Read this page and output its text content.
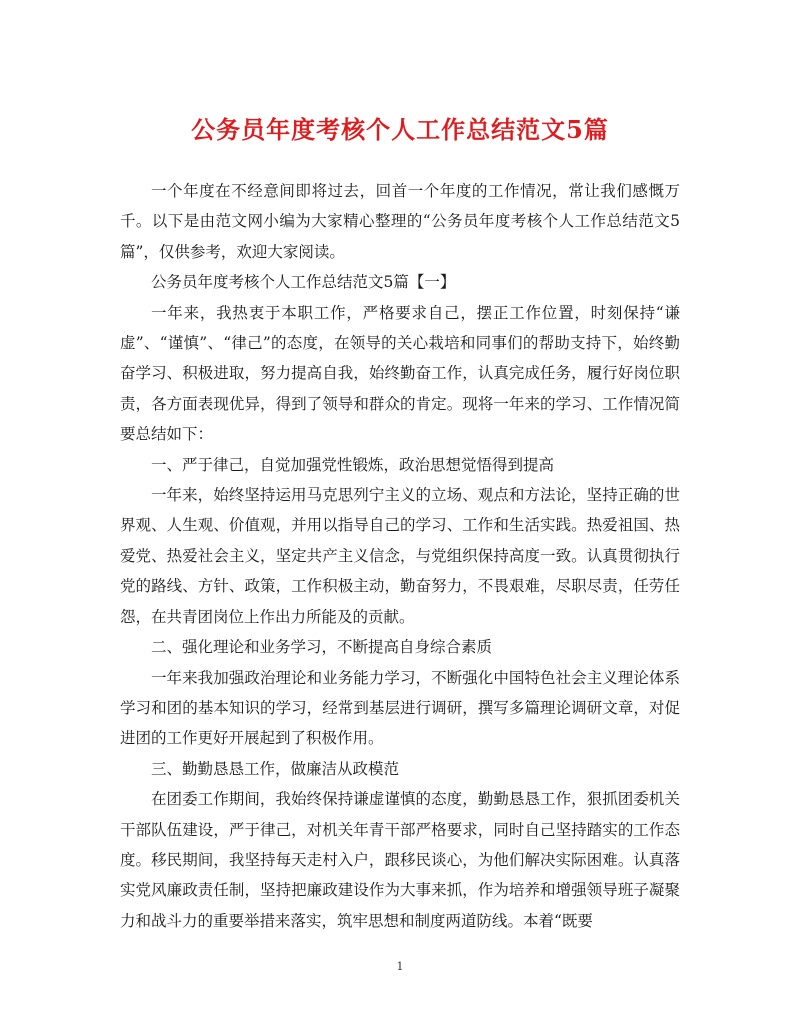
公务员年度考核个人工作总结范文5篇

一个年度在不经意间即将过去，回首一个年度的工作情况，常让我们感慨万千。以下是由范文网小编为大家精心整理的“公务员年度考核个人工作总结范文5篇”，仅供参考，欢迎大家阅读。

公务员年度考核个人工作总结范文5篇【一】

一年来，我热衷于本职工作，严格要求自己，摆正工作位置，时刻保持“谦虚”、“谨慎”、“律己”的态度，在领导的关心栽培和同事们的帮助支持下，始终勤奋学习、积极进取，努力提高自我，始终勤奋工作，认真完成任务，履行好岗位职责，各方面表现优异，得到了领导和群众的肯定。现将一年来的学习、工作情况简要总结如下：

一、严于律己，自觉加强党性锻炼，政治思想觉悟得到提高

一年来，始终坚持运用马克思列宁主义的立场、观点和方法论，坚持正确的世界观、人生观、价值观，并用以指导自己的学习、工作和生活实践。热爱祖国、热爱党、热爱社会主义，坚定共产主义信念，与党组织保持高度一致。认真贯彻执行党的路线、方针、政策，工作积极主动，勤奋努力，不畏艰难，尽职尽责，任劳任怨，在共青团岗位上作出力所能及的贡献。

二、强化理论和业务学习，不断提高自身综合素质

一年来我加强政治理论和业务能力学习，不断强化中国特色社会主义理论体系学习和团的基本知识的学习，经常到基层进行调研，撰写多篇理论调研文章，对促进团的工作更好开展起到了积极作用。

三、勤勤恳恳工作，做廉洁从政模范

在团委工作期间，我始终保持谦虚谨慎的态度，勤勤恳恳工作，狠抓团委机关干部队伍建设，严于律己，对机关年青干部严格要求，同时自己坚持踏实的工作态度。移民期间，我坚持每天走村入户，跟移民谈心，为他们解决实际困难。认真落实党风廉政责任制，坚持把廉政建设作为大事来抓，作为培养和增强领导班子凝聚力和战斗力的重要举措来落实，筑牢思想和制度两道防线。本着“既要

1
